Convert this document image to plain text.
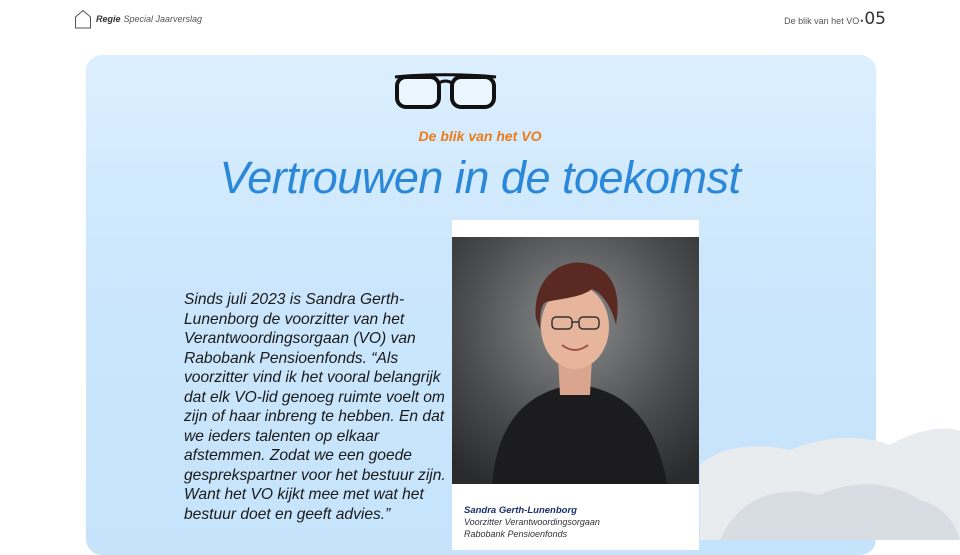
Regie Special Jaarverslag	De blik van het VO • 05
De blik van het VO
Vertrouwen in de toekomst

Sinds juli 2023 is Sandra Gerth-Lunenborg de voorzitter van het Verantwoordingsorgaan (VO) van Rabobank Pensioenfonds. “Als voorzitter vind ik het vooral belangrijk dat elk VO-lid genoeg ruimte voelt om zijn of haar inbreng te hebben. En dat we ieders talenten op elkaar afstemmen. Zodat we een goede gesprekspartner voor het bestuur zijn. Want het VO kijkt mee met wat het bestuur doet en geeft advies.”	Sandra Gerth-Lunenborg
Voorzitter Verantwoordingsorgaan
Rabobank Pensioenfonds
